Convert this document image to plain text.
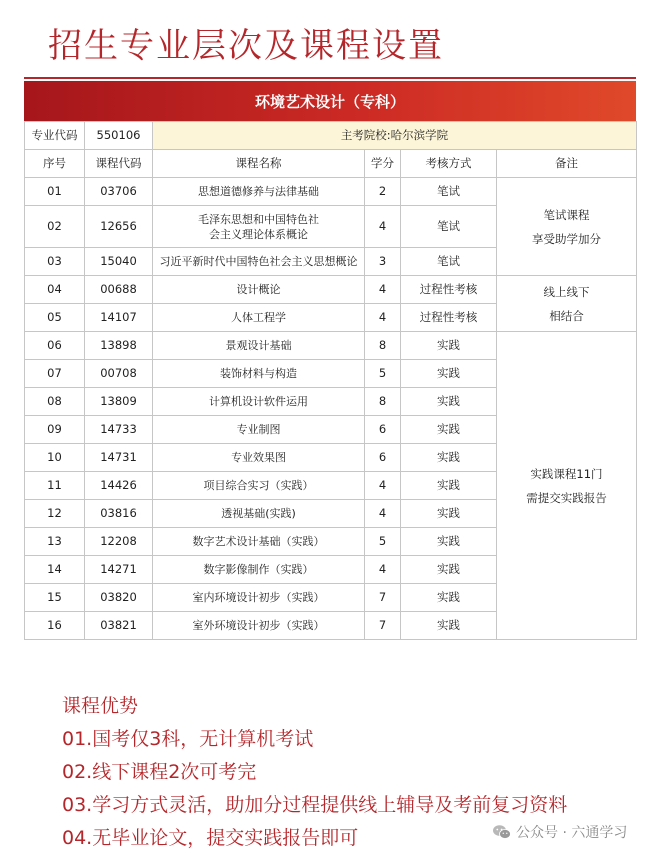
招生专业层次及课程设置
环境艺术设计（专科）
专业代码	550106	主考院校:哈尔滨学院			
序号	课程代码	课程名称	学分	考核方式	备注
01	03706	思想道德修养与法律基础	2	笔试	笔试课程
享受助学加分

02	12656	毛泽东思想和中国特色社
会主义理论体系概论	4	笔试	
03	15040	习近平新时代中国特色社会主义思想概论	3	笔试	
04	00688	设计概论	4	过程性考核	线上线下
相结合

05	14107	人体工程学	4	过程性考核	
06	13898	景观设计基础	8	实践	实践课程11门
需提交实践报告

07	00708	装饰材料与构造	5	实践	
08	13809	计算机设计软件运用	8	实践	
09	14733	专业制图	6	实践	
10	14731	专业效果图	6	实践	
11	14426	项目综合实习（实践）	4	实践	
12	03816	透视基础(实践)	4	实践	
13	12208	数字艺术设计基础（实践）	5	实践	
14	14271	数字影像制作（实践）	4	实践	
15	03820	室内环境设计初步（实践）	7	实践	
16	03821	室外环境设计初步（实践）	7	实践	
课程优势
01.国考仅3科，无计算机考试
02.线下课程2次可考完
03.学习方式灵活，助加分过程提供线上辅导及考前复习资料
04.无毕业论文，提交实践报告即可	公众号 · 六通学习
